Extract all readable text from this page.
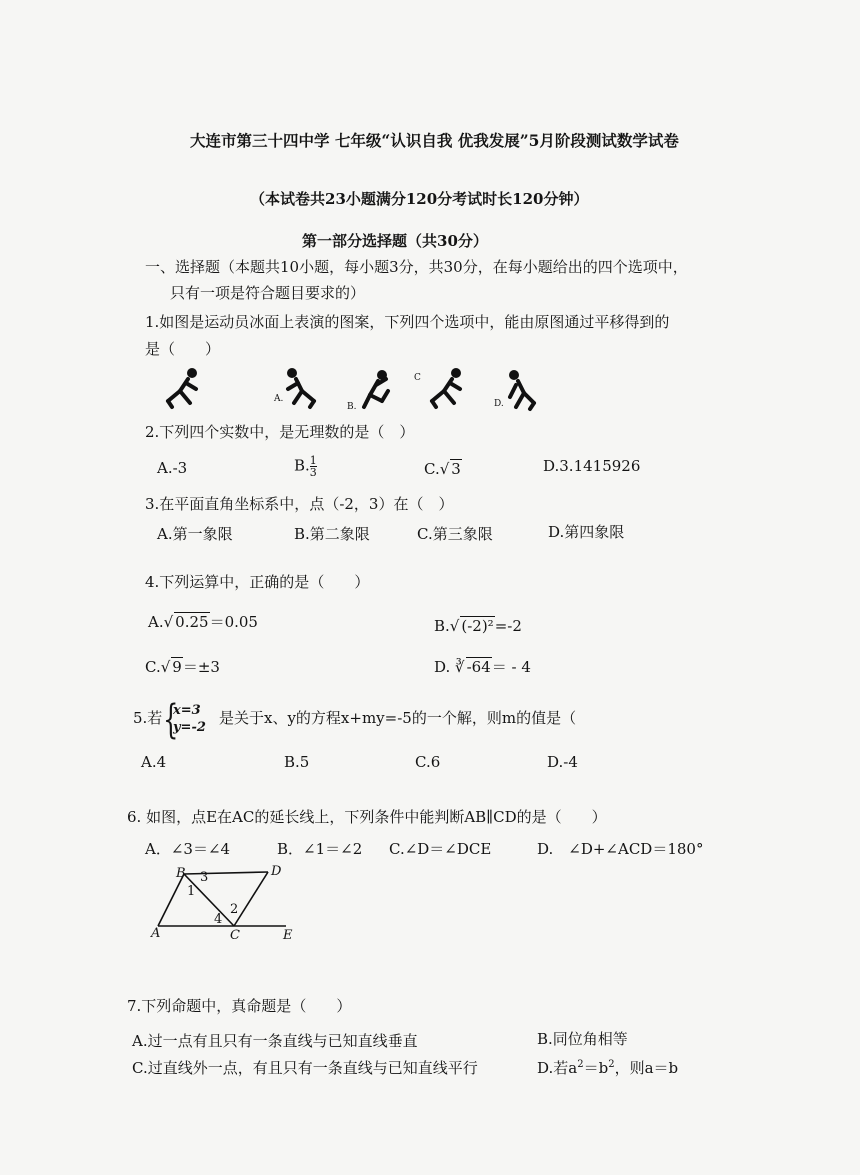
大连市第三十四中学 七年级“认识自我 优我发展”5月阶段测试数学试卷
（本试卷共23小题满分120分考试时长120分钟）
第一部分选择题（共30分）
一、选择题（本题共10小题，每小题3分，共30分，在每小题给出的四个选项中，
只有一项是符合题目要求的）
1.如图是运动员冰面上表演的图案，下列四个选项中，能由原图通过平移得到的
是（　　）
A.
B.
C
D.
2.下列四个实数中，是无理数的是（　）
A.-3	B. $\frac{1}{3}$	C.√ 3	D.3.1415926
3.在平面直角坐标系中，点（-2，3）在（　）
A.第一象限	B.第二象限	C.第三象限	D.第四象限
4.下列运算中，正确的是（　　）
A.√ 0.25＝0.05	B.√ (-2)²=-2
C.√ 9＝±3	D. ∛ -64＝ - 4
5.若 {
x=3
y=-2
是关于x、y的方程x+my=-5的一个解，则m的值是（
A.4	B.5	C.6	D.-4
6. 如图，点E在AC的延长线上，下列条件中能判断AB∥CD的是（　　）
A．∠3＝∠4	B．∠1＝∠2 C.∠D＝∠DCE	D.　∠D+∠ACD＝180°
A
B
C
D
E
1
2
3
4
7.下列命题中，真命题是（　　）
A.过一点有且只有一条直线与已知直线垂直	B.同位角相等
C.过直线外一点，有且只有一条直线与已知直线平行	D.若$a^2=b^2$，则a＝b
